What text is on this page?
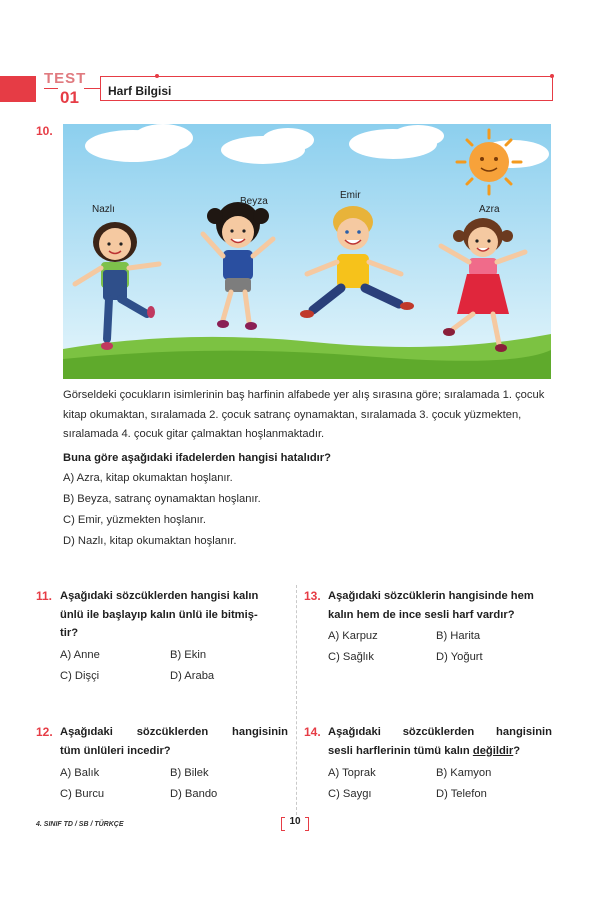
TEST
01 Harf Bilgisi
10.
Nazlı
Beyza
Emir
Azra
Görseldeki çocukların isimlerinin baş harfinin alfabede yer alış sırasına göre; sıralamada 1. çocuk kitap okumaktan, sıralamada 2. çocuk satranç oynamaktan, sıralamada 3. çocuk yüzmekten, sıralamada 4. çocuk gitar çalmaktan hoşlanmaktadır.
Buna göre aşağıdaki ifadelerden hangisi hatalıdır?
A) Azra, kitap okumaktan hoşlanır.
B) Beyza, satranç oynamaktan hoşlanır.
C) Emir, yüzmekten hoşlanır.
D) Nazlı, kitap okumaktan hoşlanır.
11. Aşağıdaki sözcüklerden hangisi kalın
ünlü ile başlayıp kalın ünlü ile bitmiş-
tir?
A) Anne	B) Ekin
C) Dişçi	D) Araba
12. Aşağıdaki sözcüklerden hangisinin
tüm ünlüleri incedir?
A) Balık	B) Bilek
C) Burcu	D) Bando
13. Aşağıdaki sözcüklerin hangisinde hem
kalın hem de ince sesli harf vardır?
A) Karpuz	B) Harita
C) Sağlık	D) Yoğurt
14. Aşağıdaki sözcüklerden hangisinin
sesli harflerinin tümü kalın değildir?
A) Toprak	B) Kamyon
C) Saygı	D) Telefon
4. SINIF TD / SB / TÜRKÇE	10
